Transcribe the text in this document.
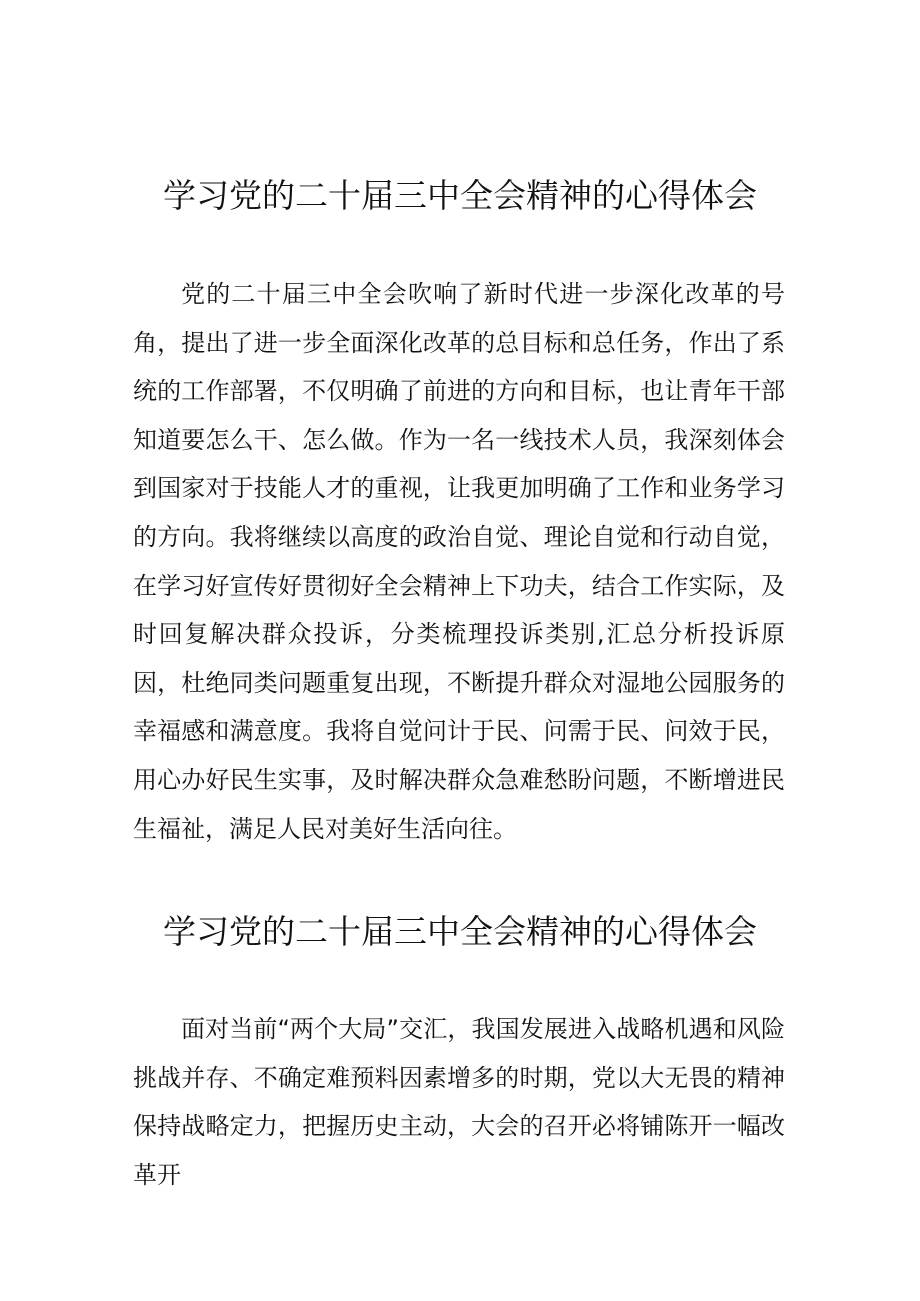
学习党的二十届三中全会精神的心得体会

党的二十届三中全会吹响了新时代进一步深化改革的号角，提出了进一步全面深化改革的总目标和总任务，作出了系统的工作部署，不仅明确了前进的方向和目标，也让青年干部知道要怎么干、怎么做。作为一名一线技术人员，我深刻体会到国家对于技能人才的重视，让我更加明确了工作和业务学习的方向。我将继续以高度的政治自觉、理论自觉和行动自觉，在学习好宣传好贯彻好全会精神上下功夫，结合工作实际，及时回复解决群众投诉，分类梳理投诉类别,汇总分析投诉原因，杜绝同类问题重复出现，不断提升群众对湿地公园服务的幸福感和满意度。我将自觉问计于民、问需于民、问效于民，用心办好民生实事，及时解决群众急难愁盼问题，不断增进民生福祉，满足人民对美好生活向往。

学习党的二十届三中全会精神的心得体会

面对当前“两个大局”交汇，我国发展进入战略机遇和风险挑战并存、不确定难预料因素增多的时期，党以大无畏的精神保持战略定力，把握历史主动，大会的召开必将铺陈开一幅改革开
